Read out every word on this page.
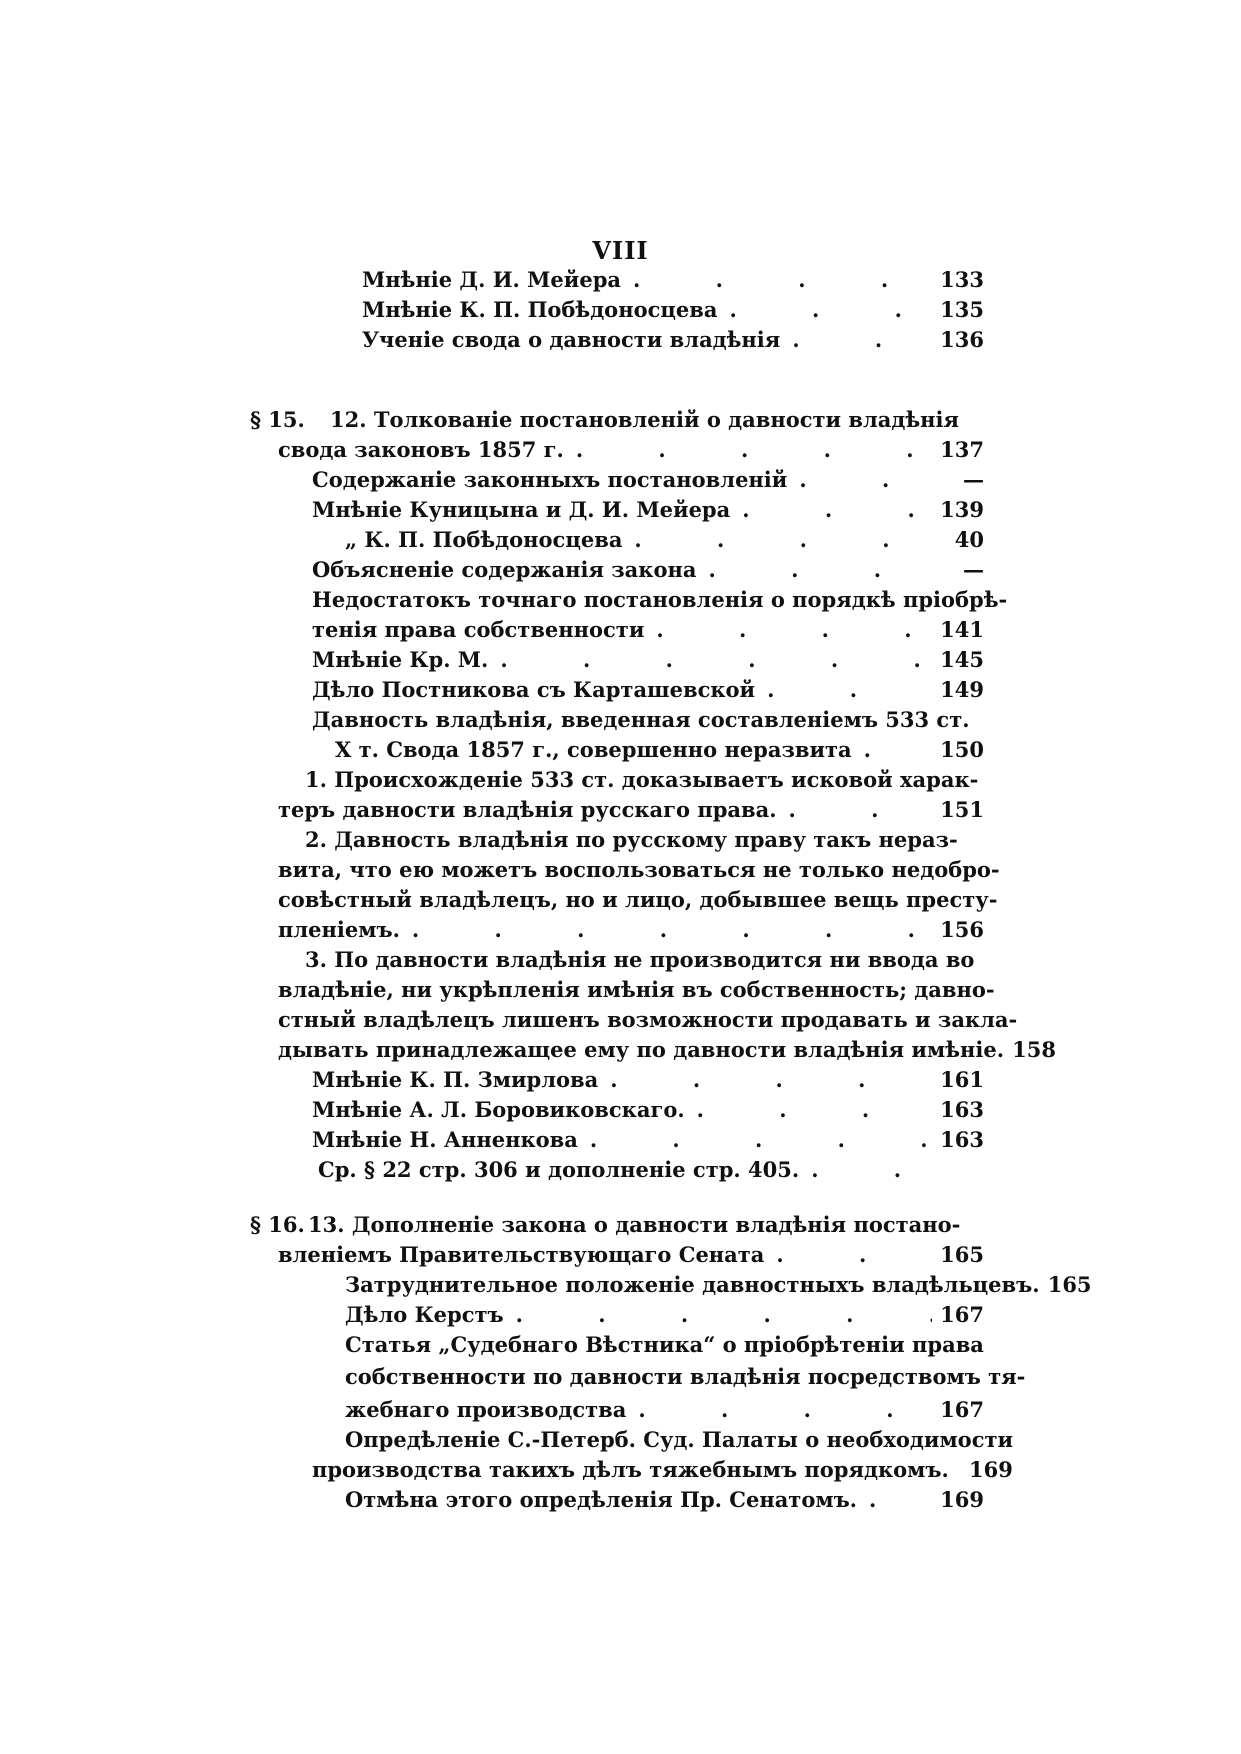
VIII
Мнѣніе Д. И. Мейера . . .	133
Мнѣніе К. П. Побѣдоносцева . . .	135
Ученіе свода о давности владѣнія . . .	136
§ 15.	12. Толкованіе постановленій о давности владѣнія
свода законовъ 1857 г. . . .	137
Содержаніе законныхъ постановленій . . .	—
Мнѣніе Куницына и Д. И. Мейера . . .	139
„ К. П. Побѣдоносцева . . .	40
Объясненіе содержанія закона . . .	—
Недостатокъ точнаго постановленія о порядкѣ пріобрѣ-
тенія права собственности . . .	141
Мнѣніе Кр. М. . . .	145
Дѣло Постникова съ Карташевской . . .	149
Давность владѣнія, введенная составленіемъ 533 ст.
X т. Свода 1857 г., совершенно неразвита . . .	150
1. Происхожденіе 533 ст. доказываетъ исковой харак-
теръ давности владѣнія русскаго права. . . .	151
2. Давность владѣнія по русскому праву такъ нераз-
вита, что ею можетъ воспользоваться не только недобро-
совѣстный владѣлецъ, но и лицо, добывшее вещь престу-
пленіемъ. . . .	156
3. По давности владѣнія не производится ни ввода во
владѣніе, ни укрѣпленія имѣнія въ собственность; давно-
стный владѣлецъ лишенъ возможности продавать и закла-
дывать принадлежащее ему по давности владѣнія имѣніе. 158
Мнѣніе К. П. Змирлова . . .	161
Мнѣніе А. Л. Боровиковскаго. . . .	163
Мнѣніе Н. Анненкова . . .	163
Ср. § 22 стр. 306 и дополненіе стр. 405.
. . .
§ 16. 13. Дополненіе закона о давности владѣнія постано-
вленіемъ Правительствующаго Сената . . .	165
Затруднительное положеніе давностныхъ владѣльцевъ. 165
Дѣло Керстъ . . .	167
Статья „Судебнаго Вѣстника“ о пріобрѣтеніи права
собственности по давности владѣнія посредствомъ тя-
жебнаго производства . . .	167
Опредѣленіе С.-Петерб. Суд. Палаты о необходимости
производства такихъ дѣлъ тяжебнымъ порядкомъ. . . . 169
Отмѣна этого опредѣленія Пр. Сенатомъ. . . .	169
